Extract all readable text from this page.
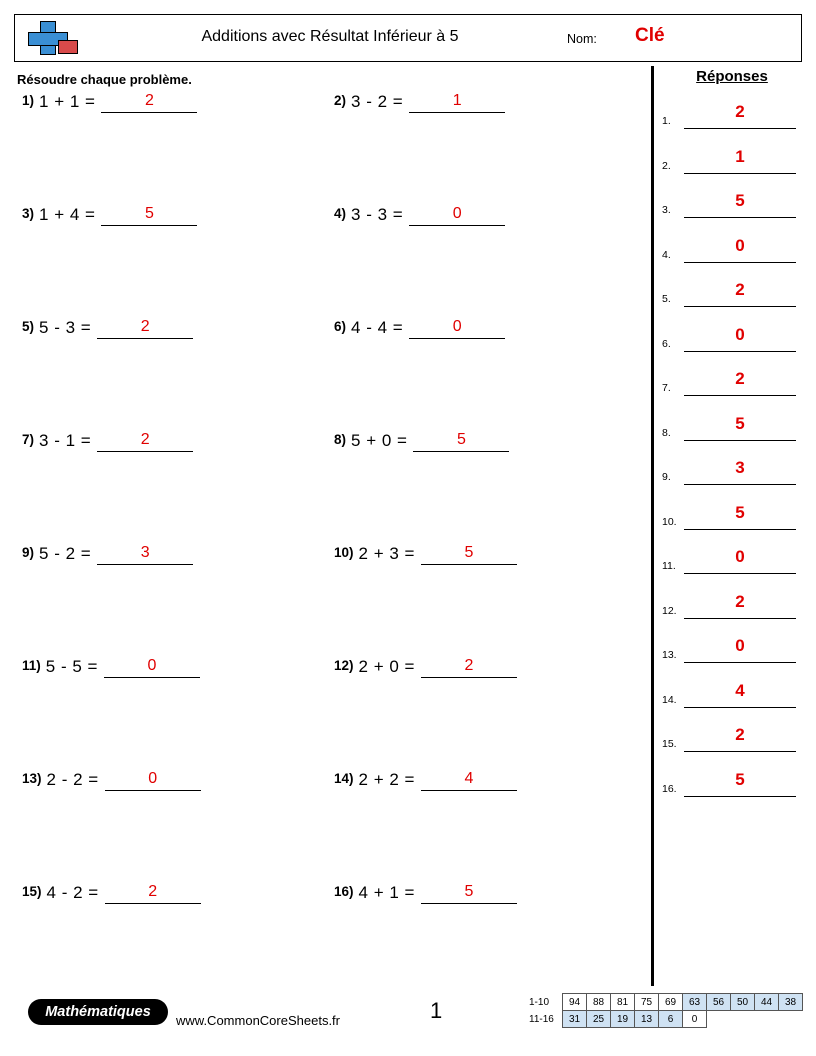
Additions avec Résultat Inférieur à 5	Nom: Clé
Résoudre chaque problème.
1) 1 + 1 =	2	2) 3 - 2 =	1
3) 1 + 4 =	5	4) 3 - 3 =	0
5) 5 - 3 =	2	6) 4 - 4 =	0
7) 3 - 1 =	2	8) 5 + 0 =	5
9) 5 - 2 =	3	10) 2 + 3 =	5
11) 5 - 5 =	0	12) 2 + 0 =	2
13) 2 - 2 =	0	14) 2 + 2 =	4
15) 4 - 2 =	2	16) 4 + 1 =	5
Réponses
1.	2
2.	1
3.	5
4.	0
5.	2
6.	0
7.	2
8.	5
9.	3
10.	5
11.	0
12.	2
13.	0
14.	4
15.	2
16.	5
Mathématiques
www.CommonCoreSheets.fr	1	1-10	94	88	81	75	69	63	56	50	44	38
11-16	31	25	19	13	6	0				
